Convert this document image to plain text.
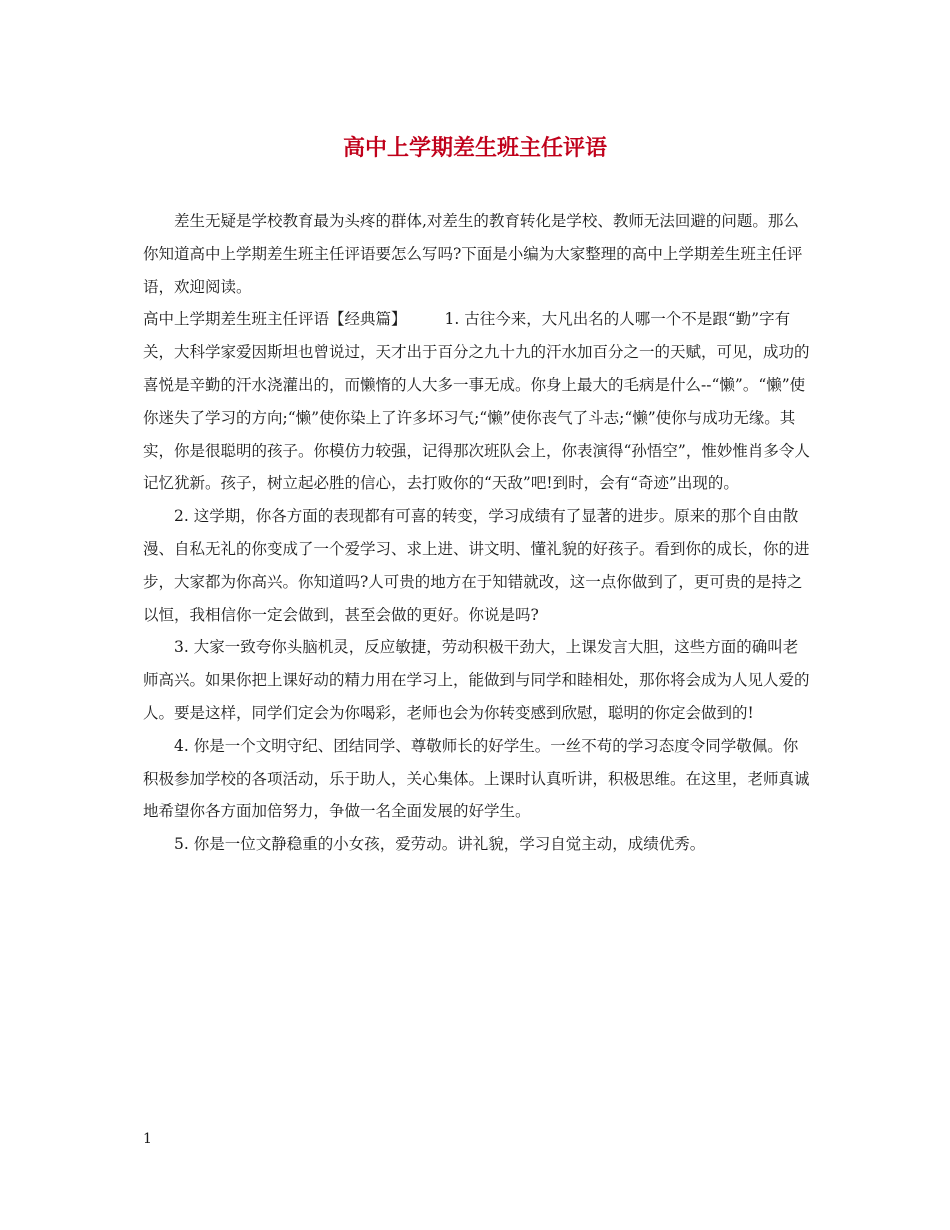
高中上学期差生班主任评语

差生无疑是学校教育最为头疼的群体,对差生的教育转化是学校、教师无法回避的问题。那么你知道高中上学期差生班主任评语要怎么写吗?下面是小编为大家整理的高中上学期差生班主任评语，欢迎阅读。

高中上学期差生班主任评语【经典篇】 1. 古往今来，大凡出名的人哪一个不是跟“勤”字有关，大科学家爱因斯坦也曾说过，天才出于百分之九十九的汗水加百分之一的天赋，可见，成功的喜悦是辛勤的汗水浇灌出的，而懒惰的人大多一事无成。你身上最大的毛病是什么--“懒”。“懒”使你迷失了学习的方向;“懒”使你染上了许多坏习气;“懒”使你丧气了斗志;“懒”使你与成功无缘。其实，你是很聪明的孩子。你模仿力较强，记得那次班队会上，你表演得“孙悟空”，惟妙惟肖多令人记忆犹新。孩子，树立起必胜的信心，去打败你的“天敌”吧!到时，会有“奇迹”出现的。

2. 这学期，你各方面的表现都有可喜的转变，学习成绩有了显著的进步。原来的那个自由散漫、自私无礼的你变成了一个爱学习、求上进、讲文明、懂礼貌的好孩子。看到你的成长，你的进步，大家都为你高兴。你知道吗?人可贵的地方在于知错就改，这一点你做到了，更可贵的是持之以恒，我相信你一定会做到，甚至会做的更好。你说是吗?

3. 大家一致夸你头脑机灵，反应敏捷，劳动积极干劲大，上课发言大胆，这些方面的确叫老师高兴。如果你把上课好动的精力用在学习上，能做到与同学和睦相处，那你将会成为人见人爱的人。要是这样，同学们定会为你喝彩，老师也会为你转变感到欣慰，聪明的你定会做到的!

4. 你是一个文明守纪、团结同学、尊敬师长的好学生。一丝不苟的学习态度令同学敬佩。你积极参加学校的各项活动，乐于助人，关心集体。上课时认真听讲，积极思维。在这里，老师真诚地希望你各方面加倍努力，争做一名全面发展的好学生。

5. 你是一位文静稳重的小女孩，爱劳动。讲礼貌，学习自觉主动，成绩优秀。

1
